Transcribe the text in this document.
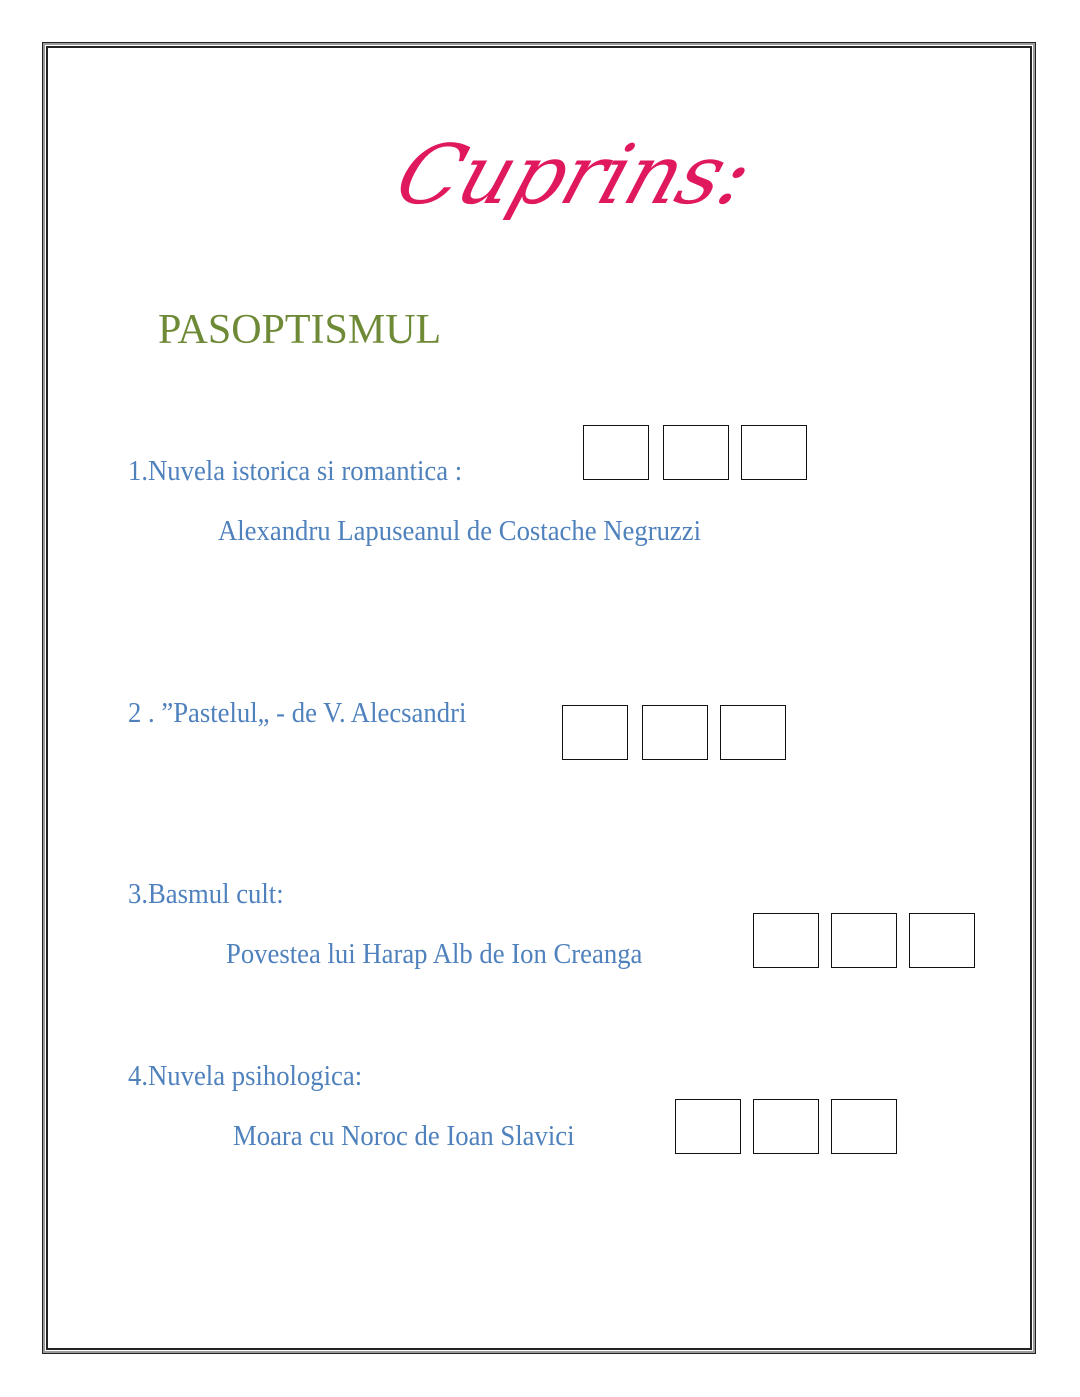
Cuprins:
PASOPTISMUL
1.Nuvela istorica si romantica :
Alexandru Lapuseanul de Costache Negruzzi
2 . ”Pastelul„ - de V. Alecsandri
3.Basmul cult:
Povestea lui Harap Alb de Ion Creanga
4.Nuvela psihologica:
Moara cu Noroc de Ioan Slavici
